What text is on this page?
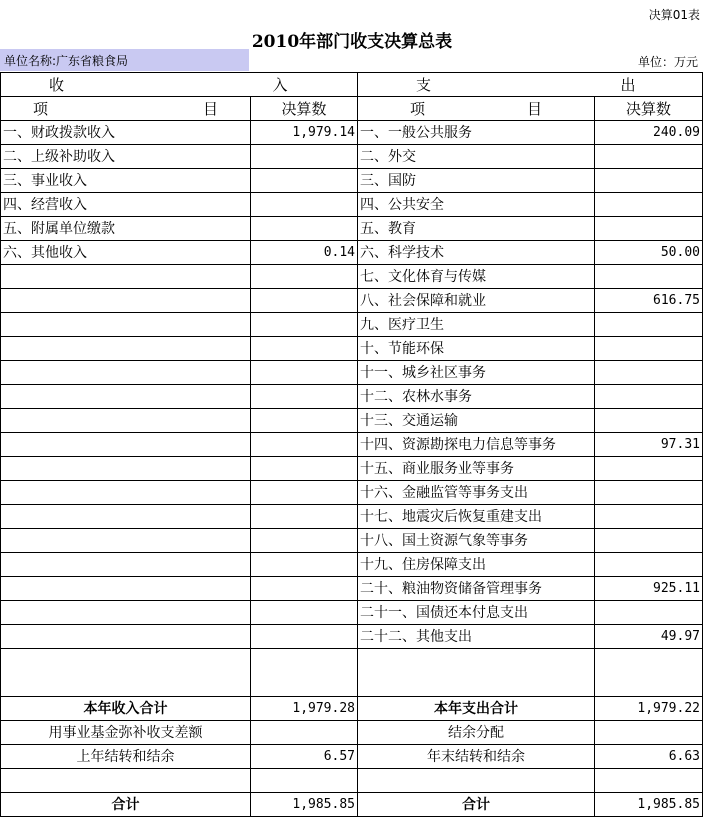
决算01表
2010年部门收支决算总表
单位名称:广东省粮食局	单位：万元
收	入	支	出

项 目	决算数	项 目	决算数
一、财政拨款收入	1,979.14	一、一般公共服务	240.09
二、上级补助收入		二、外交	
三、事业收入		三、国防	
四、经营收入		四、公共安全	
五、附属单位缴款		五、教育	
六、其他收入	0.14	六、科学技术	50.00
		七、文化体育与传媒	
		八、社会保障和就业	616.75
		九、医疗卫生	
		十、节能环保	
		十一、城乡社区事务	
		十二、农林水事务	
		十三、交通运输	
		十四、资源勘探电力信息等事务	97.31
		十五、商业服务业等事务	
		十六、金融监管等事务支出	
		十七、地震灾后恢复重建支出	
		十八、国土资源气象等事务	
		十九、住房保障支出	
		二十、粮油物资储备管理事务	925.11
		二十一、国债还本付息支出	
		二十二、其他支出	49.97

本年收入合计	1,979.28	本年支出合计	1,979.22
用事业基金弥补收支差额		结余分配	
上年结转和结余	6.57	年末结转和结余	6.63

合计	1,985.85	合计	1,985.85
